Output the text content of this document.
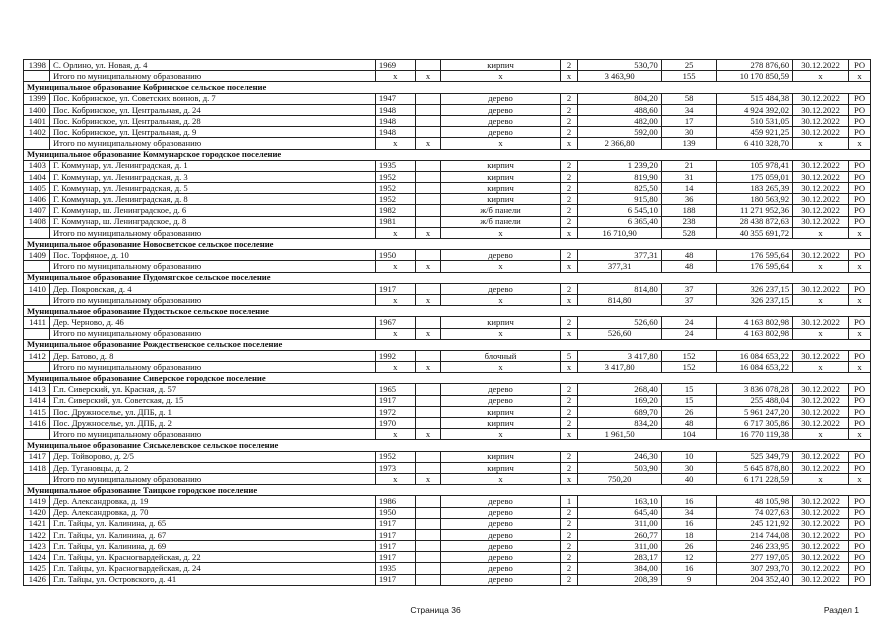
1398	С. Орлино, ул. Новая, д. 4	1969		кирпич	2	530,70	25	278 876,60	30.12.2022	РО
	Итого по муниципальному образованию	х	х	х	х	3 463,90	155	10 170 850,59	х	х
Муниципальное образование Кобринское сельское поселение										
1399	Пос. Кобринское, ул. Советских воинов, д. 7	1947		дерево	2	804,20	58	515 484,38	30.12.2022	РО
1400	Пос. Кобринское, ул. Центральная, д. 24	1948		дерево	2	488,60	34	4 924 392,02	30.12.2022	РО
1401	Пос. Кобринское, ул. Центральная, д. 28	1948		дерево	2	482,00	17	510 531,05	30.12.2022	РО
1402	Пос. Кобринское, ул. Центральная, д. 9	1948		дерево	2	592,00	30	459 921,25	30.12.2022	РО
	Итого по муниципальному образованию	х	х	х	х	2 366,80	139	6 410 328,70	х	х
Муниципальное образование Коммунарское городское поселение										
1403	Г. Коммунар, ул. Ленинградская, д. 1	1935		кирпич	2	1 239,20	21	105 978,41	30.12.2022	РО
1404	Г. Коммунар, ул. Ленинградская, д. 3	1952		кирпич	2	819,90	31	175 059,01	30.12.2022	РО
1405	Г. Коммунар, ул. Ленинградская, д. 5	1952		кирпич	2	825,50	14	183 265,39	30.12.2022	РО
1406	Г. Коммунар, ул. Ленинградская, д. 8	1952		кирпич	2	915,80	36	180 563,92	30.12.2022	РО
1407	Г. Коммунар, ш. Ленинградское, д. 6	1982		ж/б панели	2	6 545,10	188	11 271 952,36	30.12.2022	РО
1408	Г. Коммунар, ш. Ленинградское, д. 8	1981		ж/б панели	2	6 365,40	238	28 438 872,63	30.12.2022	РО
	Итого по муниципальному образованию	х	х	х	х	16 710,90	528	40 355 691,72	х	х
Муниципальное образование Новосветское сельское поселение										
1409	Пос. Торфяное, д. 10	1950		дерево	2	377,31	48	176 595,64	30.12.2022	РО
	Итого по муниципальному образованию	х	х	х	х	377,31	48	176 595,64	х	х
Муниципальное образование Пудомягское сельское поселение										
1410	Дер. Покровская, д. 4	1917		дерево	2	814,80	37	326 237,15	30.12.2022	РО
	Итого по муниципальному образованию	х	х	х	х	814,80	37	326 237,15	х	х
Муниципальное образование Пудостьское сельское поселение										
1411	Дер. Черново, д. 46	1967		кирпич	2	526,60	24	4 163 802,98	30.12.2022	РО
	Итого по муниципальному образованию	х	х	х	х	526,60	24	4 163 802,98	х	х
Муниципальное образование Рождественское сельское поселение										
1412	Дер. Батово, д. 8	1992		блочный	5	3 417,80	152	16 084 653,22	30.12.2022	РО
	Итого по муниципальному образованию	х	х	х	х	3 417,80	152	16 084 653,22	х	х
Муниципальное образование Сиверское городское поселение										
1413	Г.п. Сиверский, ул. Красная, д. 57	1965		дерево	2	268,40	15	3 836 078,28	30.12.2022	РО
1414	Г.п. Сиверский, ул. Советская, д. 15	1917		дерево	2	169,20	15	255 488,04	30.12.2022	РО
1415	Пос. Дружноселье, ул. ДПБ, д. 1	1972		кирпич	2	689,70	26	5 961 247,20	30.12.2022	РО
1416	Пос. Дружноселье, ул. ДПБ, д. 2	1970		кирпич	2	834,20	48	6 717 305,86	30.12.2022	РО
	Итого по муниципальному образованию	х	х	х	х	1 961,50	104	16 770 119,38	х	х
Муниципальное образование Сяськелевское сельское поселение										
1417	Дер. Тойворово, д. 2/5	1952		кирпич	2	246,30	10	525 349,79	30.12.2022	РО
1418	Дер. Тугановцы, д. 2	1973		кирпич	2	503,90	30	5 645 878,80	30.12.2022	РО
	Итого по муниципальному образованию	х	х	х	х	750,20	40	6 171 228,59	х	х
Муниципальное образование Таицкое городское поселение										
1419	Дер. Александровка, д. 19	1986		дерево	1	163,10	16	48 105,98	30.12.2022	РО
1420	Дер. Александровка, д. 70	1950		дерево	2	645,40	34	74 027,63	30.12.2022	РО
1421	Г.п. Тайцы, ул. Калинина, д. 65	1917		дерево	2	311,00	16	245 121,92	30.12.2022	РО
1422	Г.п. Тайцы, ул. Калинина, д. 67	1917		дерево	2	260,77	18	214 744,08	30.12.2022	РО
1423	Г.п. Тайцы, ул. Калинина, д. 69	1917		дерево	2	311,00	26	246 233,95	30.12.2022	РО
1424	Г.п. Тайцы, ул. Красногвардейская, д. 22	1917		дерево	2	283,17	12	277 197,05	30.12.2022	РО
1425	Г.п. Тайцы, ул. Красногвардейская, д. 24	1935		дерево	2	384,00	16	307 293,70	30.12.2022	РО
1426	Г.п. Тайцы, ул. Островского, д. 41	1917		дерево	2	208,39	9	204 352,40	30.12.2022	РО
Страница 36	Раздел 1
